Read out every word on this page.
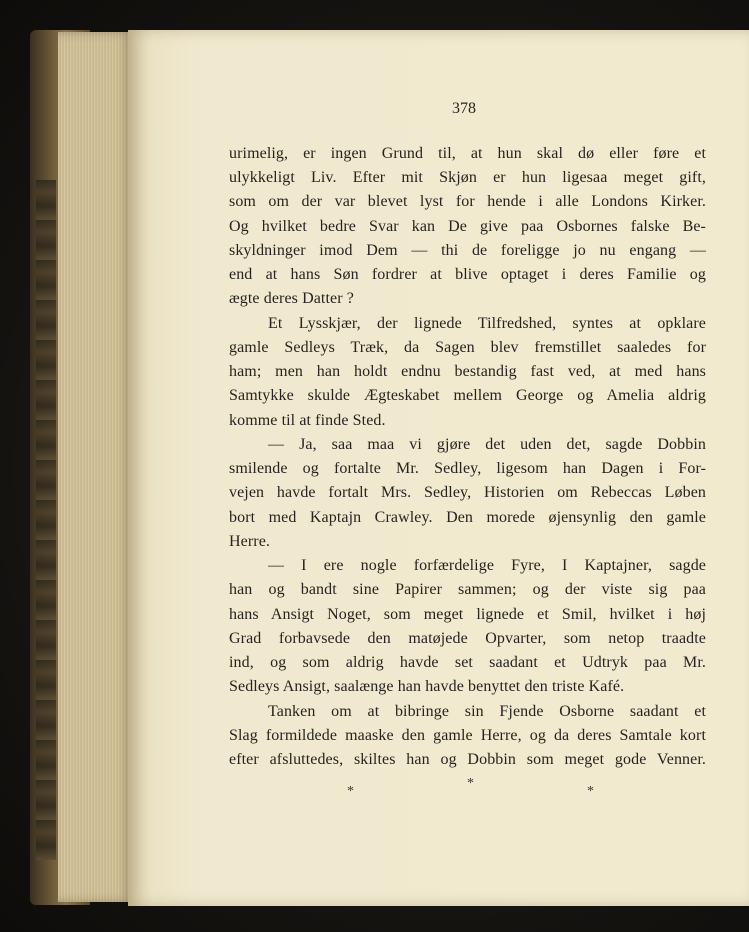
378
urimelig, er ingen Grund til, at hun skal dø eller føre et
ulykkeligt Liv. Efter mit Skjøn er hun ligesaa meget gift,
som om der var blevet lyst for hende i alle Londons Kirker.
Og hvilket bedre Svar kan De give paa Osbornes falske Be-
skyldninger imod Dem — thi de foreligge jo nu engang —
end at hans Søn fordrer at blive optaget i deres Familie og
ægte deres Datter ?
Et Lysskjær, der lignede Tilfredshed, syntes at opklare
gamle Sedleys Træk, da Sagen blev fremstillet saaledes for
ham; men han holdt endnu bestandig fast ved, at med hans
Samtykke skulde Ægteskabet mellem George og Amelia aldrig
komme til at finde Sted.
— Ja, saa maa vi gjøre det uden det, sagde Dobbin
smilende og fortalte Mr. Sedley, ligesom han Dagen i For-
vejen havde fortalt Mrs. Sedley, Historien om Rebeccas Løben
bort med Kaptajn Crawley. Den morede øjensynlig den gamle
Herre.
— I ere nogle forfærdelige Fyre, I Kaptajner, sagde
han og bandt sine Papirer sammen; og der viste sig paa
hans Ansigt Noget, som meget lignede et Smil, hvilket i høj
Grad forbavsede den matøjede Opvarter, som netop traadte
ind, og som aldrig havde set saadant et Udtryk paa Mr.
Sedleys Ansigt, saalænge han havde benyttet den triste Kafé.
Tanken om at bibringe sin Fjende Osborne saadant et
Slag formildede maaske den gamle Herre, og da deres Samtale kort
efter afsluttedes, skiltes han og Dobbin som meget gode Venner.
*
*
*
